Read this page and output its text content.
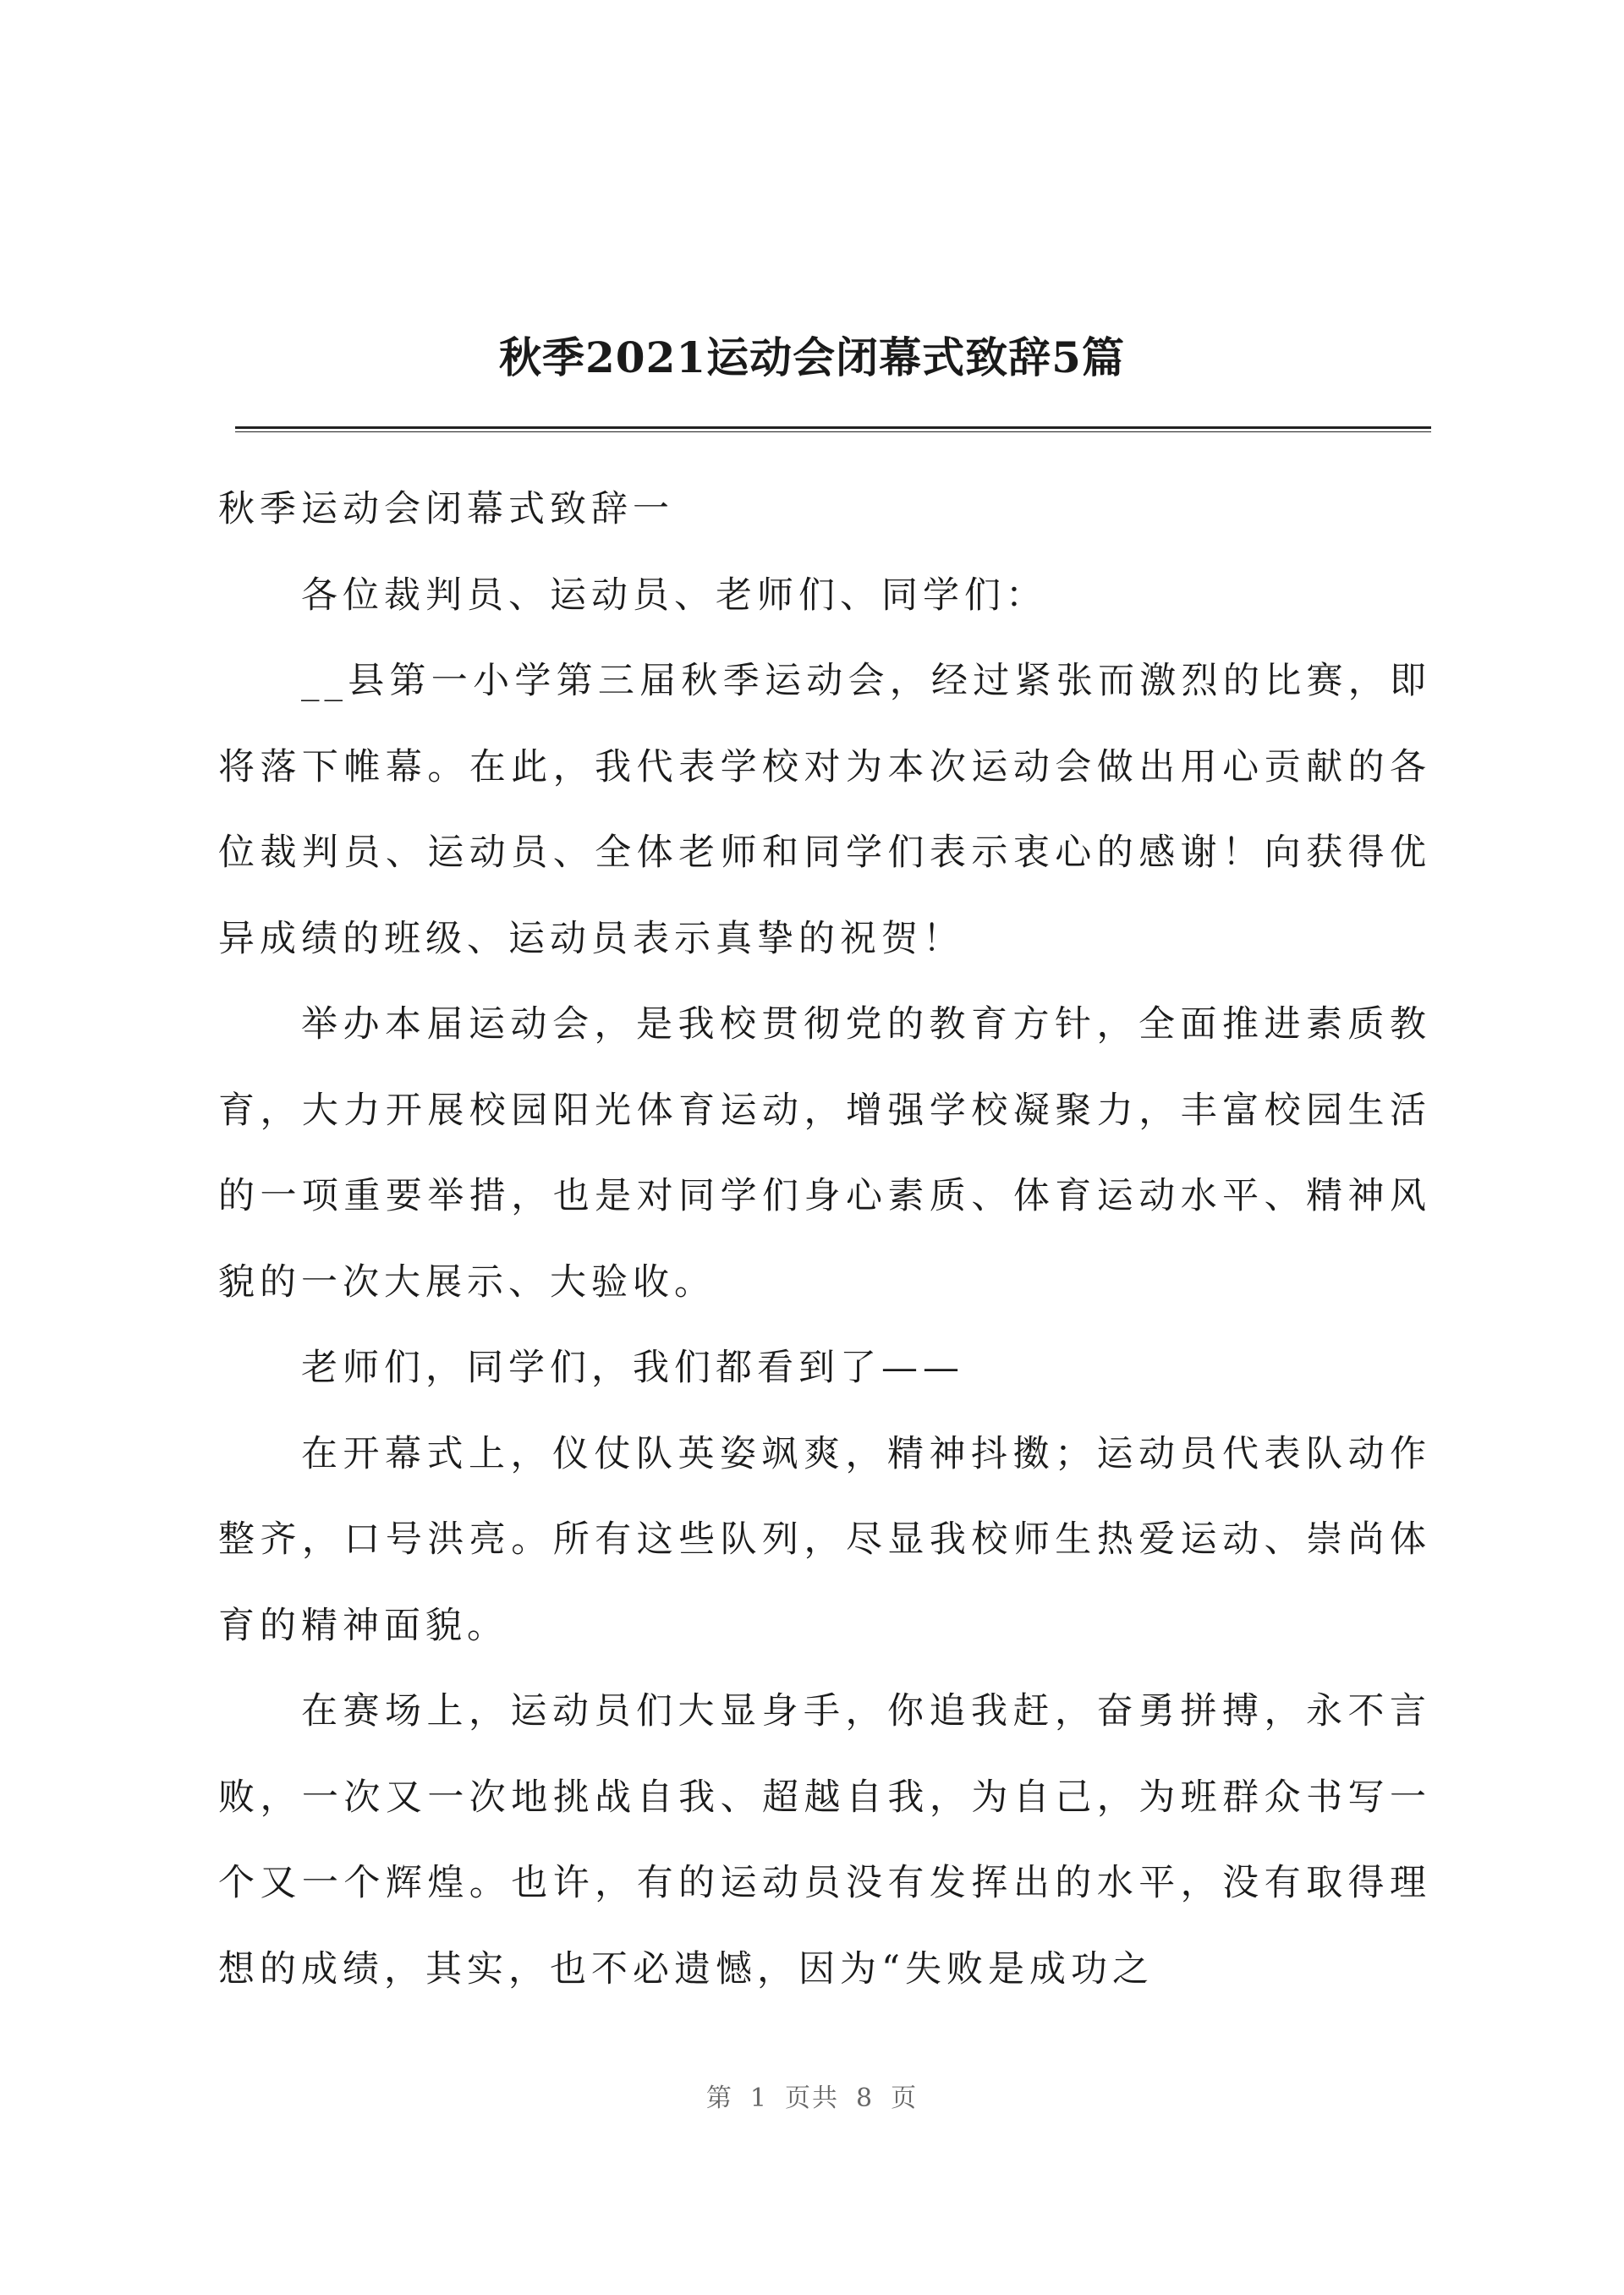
秋季2021运动会闭幕式致辞5篇

秋季运动会闭幕式致辞一

各位裁判员、运动员、老师们、同学们：

__县第一小学第三届秋季运动会，经过紧张而激烈的比赛，即将落下帷幕。在此，我代表学校对为本次运动会做出用心贡献的各位裁判员、运动员、全体老师和同学们表示衷心的感谢！向获得优异成绩的班级、运动员表示真挚的祝贺！

举办本届运动会，是我校贯彻党的教育方针，全面推进素质教育，大力开展校园阳光体育运动，增强学校凝聚力，丰富校园生活的一项重要举措，也是对同学们身心素质、体育运动水平、精神风貌的一次大展示、大验收。

老师们，同学们，我们都看到了——

在开幕式上，仪仗队英姿飒爽，精神抖擞；运动员代表队动作整齐，口号洪亮。所有这些队列，尽显我校师生热爱运动、崇尚体育的精神面貌。

在赛场上，运动员们大显身手，你追我赶，奋勇拼搏，永不言败，一次又一次地挑战自我、超越自我，为自己，为班群众书写一个又一个辉煌。也许，有的运动员没有发挥出的水平，没有取得理想的成绩，其实，也不必遗憾，因为“失败是成功之

第 1 页共 8 页
